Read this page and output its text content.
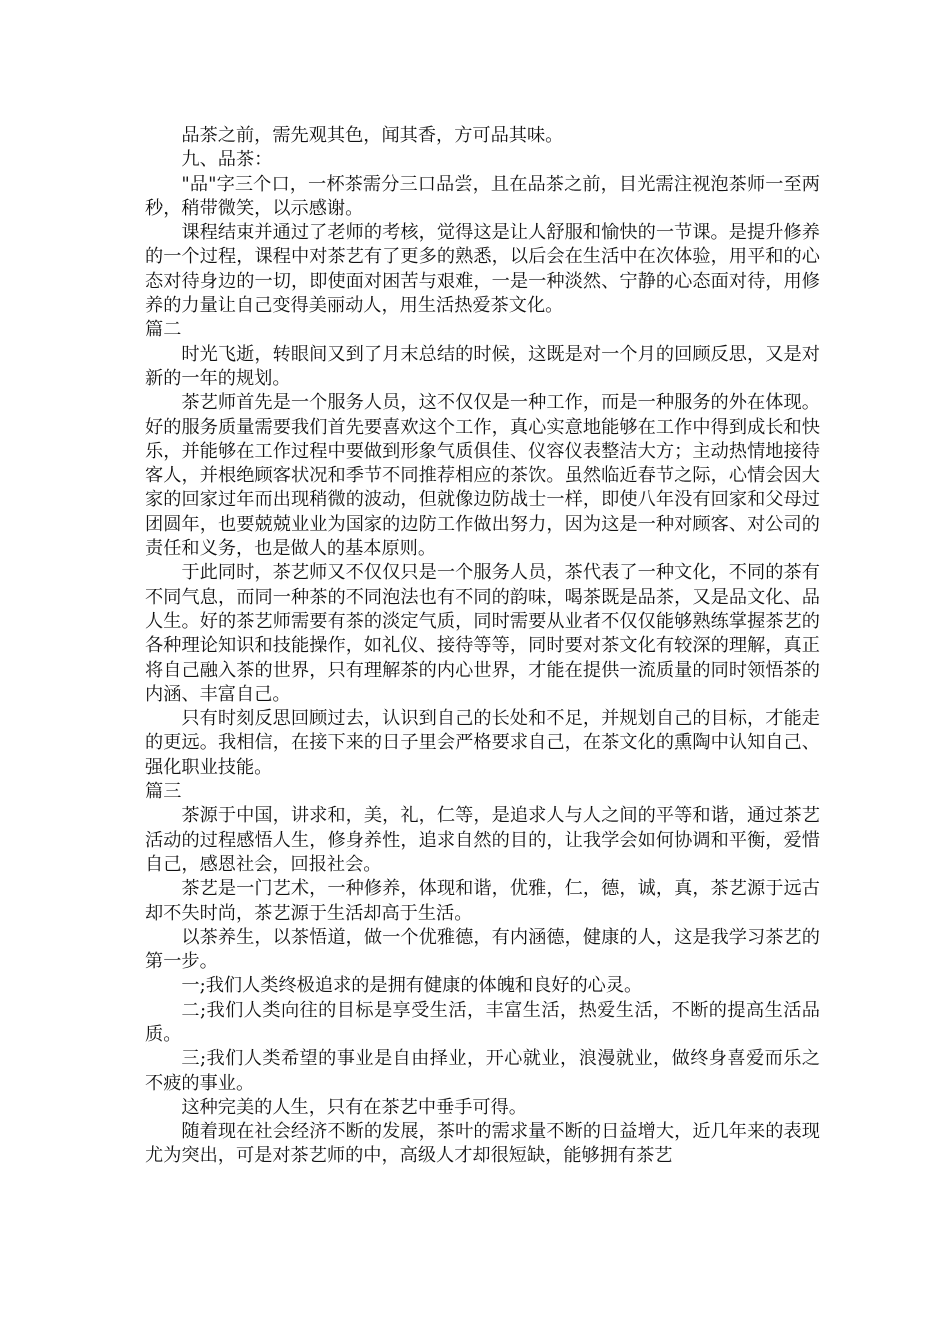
品茶之前，需先观其色，闻其香，方可品其味。

九、品茶：

"品"字三个口，一杯茶需分三口品尝，且在品茶之前，目光需注视泡茶师一至两秒，稍带微笑，以示感谢。

课程结束并通过了老师的考核，觉得这是让人舒服和愉快的一节课。是提升修养的一个过程，课程中对茶艺有了更多的熟悉，以后会在生活中在次体验，用平和的心态对待身边的一切，即使面对困苦与艰难，一是一种淡然、宁静的心态面对待，用修养的力量让自己变得美丽动人，用生活热爱茶文化。

篇二

时光飞逝，转眼间又到了月末总结的时候，这既是对一个月的回顾反思，又是对新的一年的规划。

茶艺师首先是一个服务人员，这不仅仅是一种工作，而是一种服务的外在体现。好的服务质量需要我们首先要喜欢这个工作，真心实意地能够在工作中得到成长和快乐，并能够在工作过程中要做到形象气质俱佳、仪容仪表整洁大方；主动热情地接待客人，并根绝顾客状况和季节不同推荐相应的茶饮。虽然临近春节之际，心情会因大家的回家过年而出现稍微的波动，但就像边防战士一样，即使八年没有回家和父母过团圆年，也要兢兢业业为国家的边防工作做出努力，因为这是一种对顾客、对公司的责任和义务，也是做人的基本原则。

于此同时，茶艺师又不仅仅只是一个服务人员，茶代表了一种文化，不同的茶有不同气息，而同一种茶的不同泡法也有不同的韵味，喝茶既是品茶，又是品文化、品人生。好的茶艺师需要有茶的淡定气质，同时需要从业者不仅仅能够熟练掌握茶艺的各种理论知识和技能操作，如礼仪、接待等等，同时要对茶文化有较深的理解，真正将自己融入茶的世界，只有理解茶的内心世界，才能在提供一流质量的同时领悟茶的内涵、丰富自己。

只有时刻反思回顾过去，认识到自己的长处和不足，并规划自己的目标，才能走的更远。我相信，在接下来的日子里会严格要求自己，在茶文化的熏陶中认知自己、强化职业技能。

篇三

茶源于中国，讲求和，美，礼，仁等，是追求人与人之间的平等和谐，通过茶艺活动的过程感悟人生，修身养性，追求自然的目的，让我学会如何协调和平衡，爱惜自己，感恩社会，回报社会。

茶艺是一门艺术，一种修养，体现和谐，优雅，仁，德，诚，真，茶艺源于远古却不失时尚，茶艺源于生活却高于生活。

以茶养生，以茶悟道，做一个优雅德，有内涵德，健康的人，这是我学习茶艺的第一步。

一;我们人类终极追求的是拥有健康的体魄和良好的心灵。

二;我们人类向往的目标是享受生活，丰富生活，热爱生活，不断的提高生活品质。

三;我们人类希望的事业是自由择业，开心就业，浪漫就业，做终身喜爱而乐之不疲的事业。

这种完美的人生，只有在茶艺中垂手可得。

随着现在社会经济不断的发展，茶叶的需求量不断的日益增大，近几年来的表现尤为突出，可是对茶艺师的中，高级人才却很短缺，能够拥有茶艺
